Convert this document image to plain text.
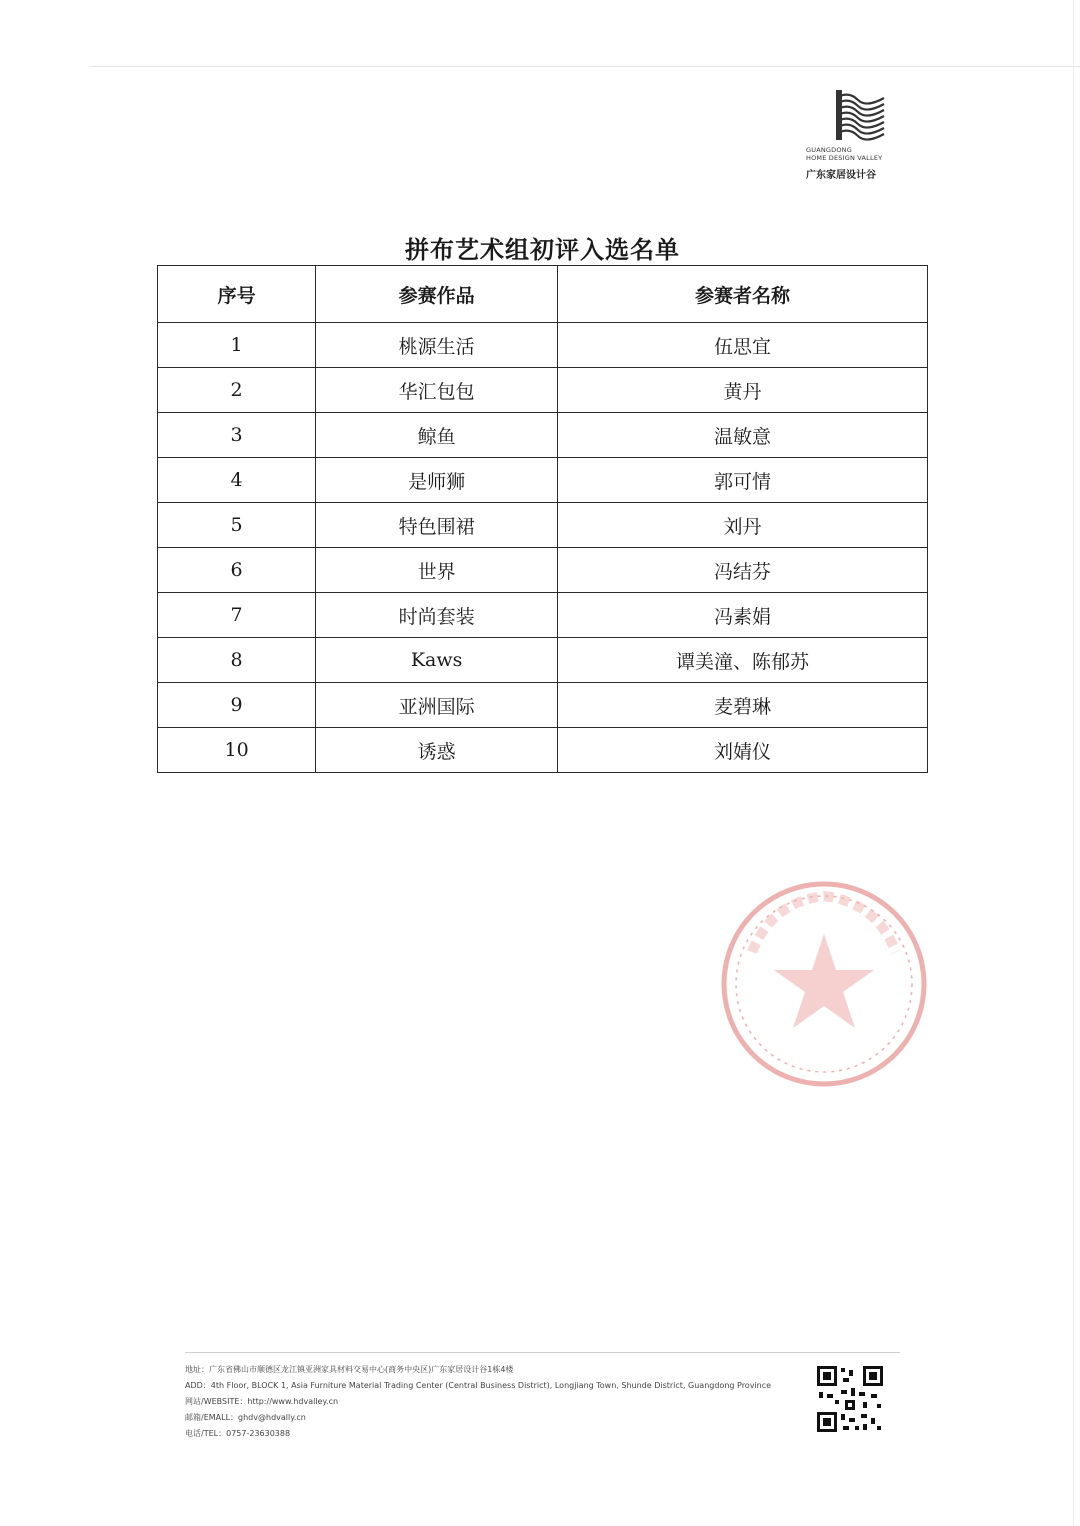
GUANGDONG
HOME DESIGN VALLEY
广东家居设计谷
拼布艺术组初评入选名单
序号	参赛作品	参赛者名称
1	桃源生活	伍思宜
2	华汇包包	黄丹
3	鲸鱼	温敏意
4	是师狮	郭可情
5	特色围裙	刘丹
6	世界	冯结芬
7	时尚套装	冯素娟
8	Kaws	谭美潼、陈郁苏
9	亚洲国际	麦碧琳
10	诱惑	刘婧仪
地址：广东省佛山市顺德区龙江镇亚洲家具材料交易中心(商务中央区)广东家居设计谷1栋4楼
ADD：4th Floor, BLOCK 1, Asia Furniture Material Trading Center (Central Business District), Longjiang Town, Shunde District, Guangdong Province
网站/WEBSITE：http://www.hdvalley.cn
邮箱/EMALL：ghdv@hdvally.cn
电话/TEL：0757-23630388
